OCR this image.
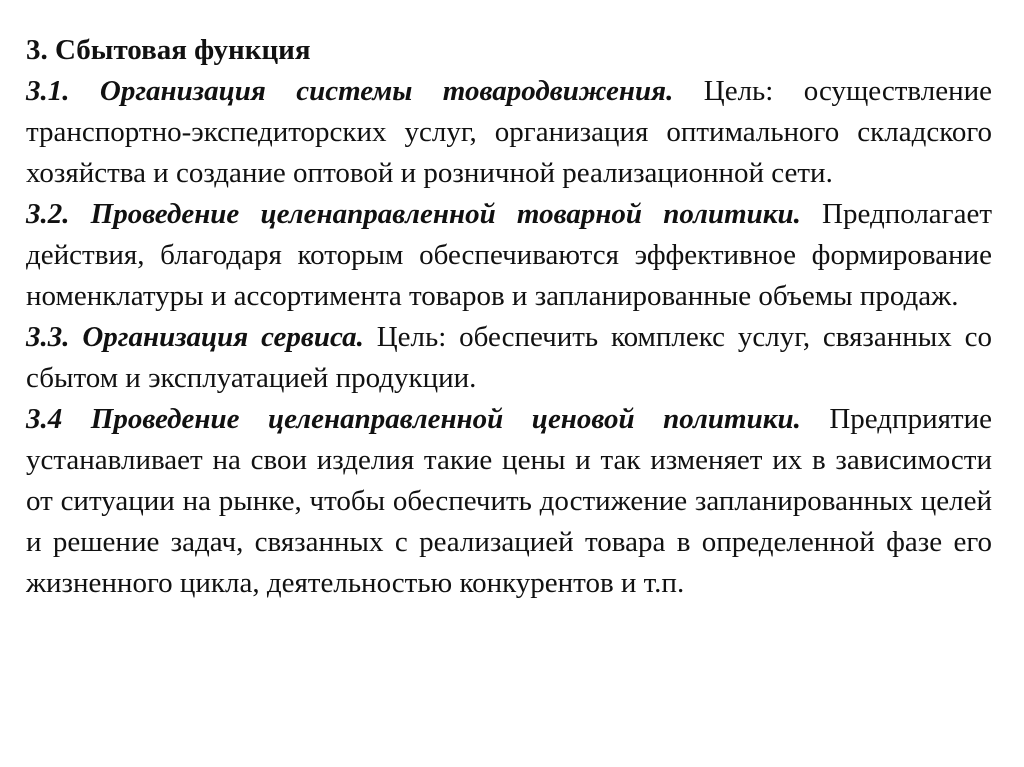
3. Сбытовая функция

3.1. Организация системы товародвижения. Цель: осуществление транспортно-экспедиторских услуг, организация оптимального складского хозяйства и создание оптовой и розничной реализационной сети.

3.2. Проведение целенаправленной товарной политики. Предполагает действия, благодаря которым обеспечиваются эффективное формирование номенклатуры и ассортимента товаров и запланированные объемы продаж.

3.3. Организация сервиса. Цель: обеспечить комплекс услуг, связанных со сбытом и эксплуатацией продукции.

3.4 Проведение целенаправленной ценовой политики. Предприятие устанавливает на свои изделия такие цены и так изменяет их в зависимости от ситуации на рынке, чтобы обеспечить достижение запланированных целей и решение задач, связанных с реализацией товара в определенной фазе его жизненного цикла, деятельностью конкурентов и т.п.
